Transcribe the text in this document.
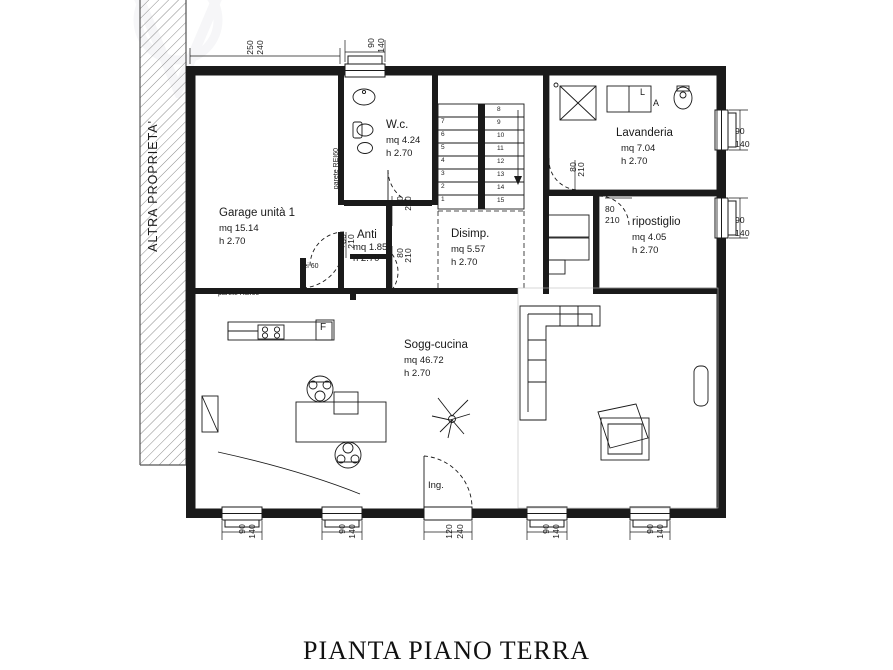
ALTRA PROPRIETA'	Garage unità 1
mq 15.14
h 2.70
W.c.
mq 4.24
h 2.70
Anti
mq 1.85
h 2.70
Disimp.
mq 5.57
h 2.70
Lavanderia
mq 7.04
h 2.70
ripostiglio
mq 4.05
h 2.70
Sogg-cucina
mq 46.72
h 2.70
Ing.
F
L
A
parete REI60
parete REI60
rei 60
80
210
80
210
80
210
80
210
80
210
250 240	90 140
90
140
90
140
90 140	90 140	120 240	90 140	90 140
1
2
3
4
5
6
7
8
9
10
11
12
13
14
15
PIANTA PIANO TERRA
